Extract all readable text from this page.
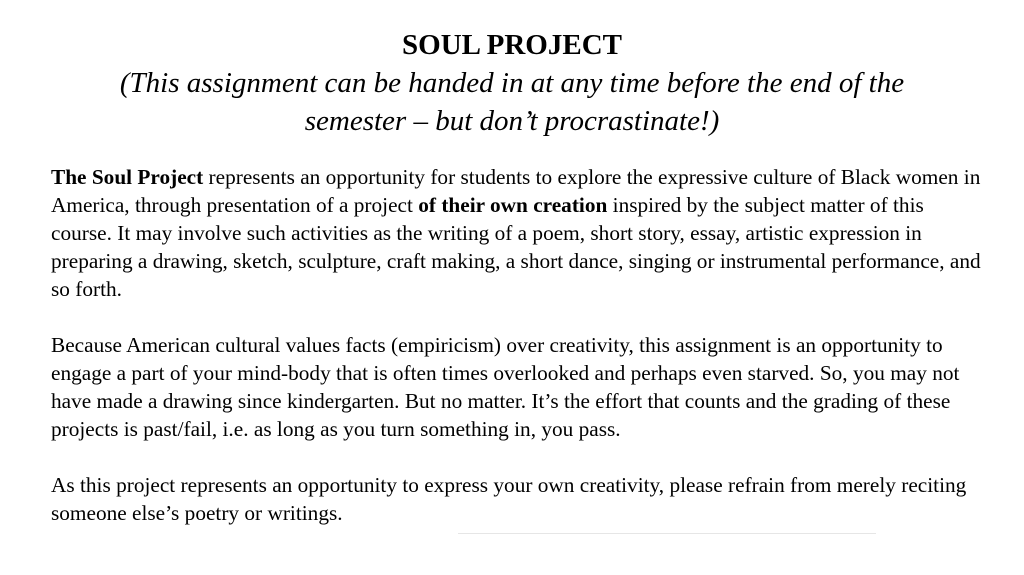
SOUL PROJECT
(This assignment can be handed in at any time before the end of the
semester – but don’t procrastinate!)

The Soul Project represents an opportunity for students to explore the expressive culture of Black women in America, through presentation of a project of their own creation inspired by the subject matter of this course. It may involve such activities as the writing of a poem, short story, essay, artistic expression in preparing a drawing, sketch, sculpture, craft making, a short dance, singing or instrumental performance, and so forth.

Because American cultural values facts (empiricism) over creativity, this assignment is an opportunity to engage a part of your mind-body that is often times overlooked and perhaps even starved. So, you may not have made a drawing since kindergarten. But no matter. It’s the effort that counts and the grading of these projects is past/fail, i.e. as long as you turn something in, you pass.

As this project represents an opportunity to express your own creativity, please refrain from merely reciting someone else’s poetry or writings.
